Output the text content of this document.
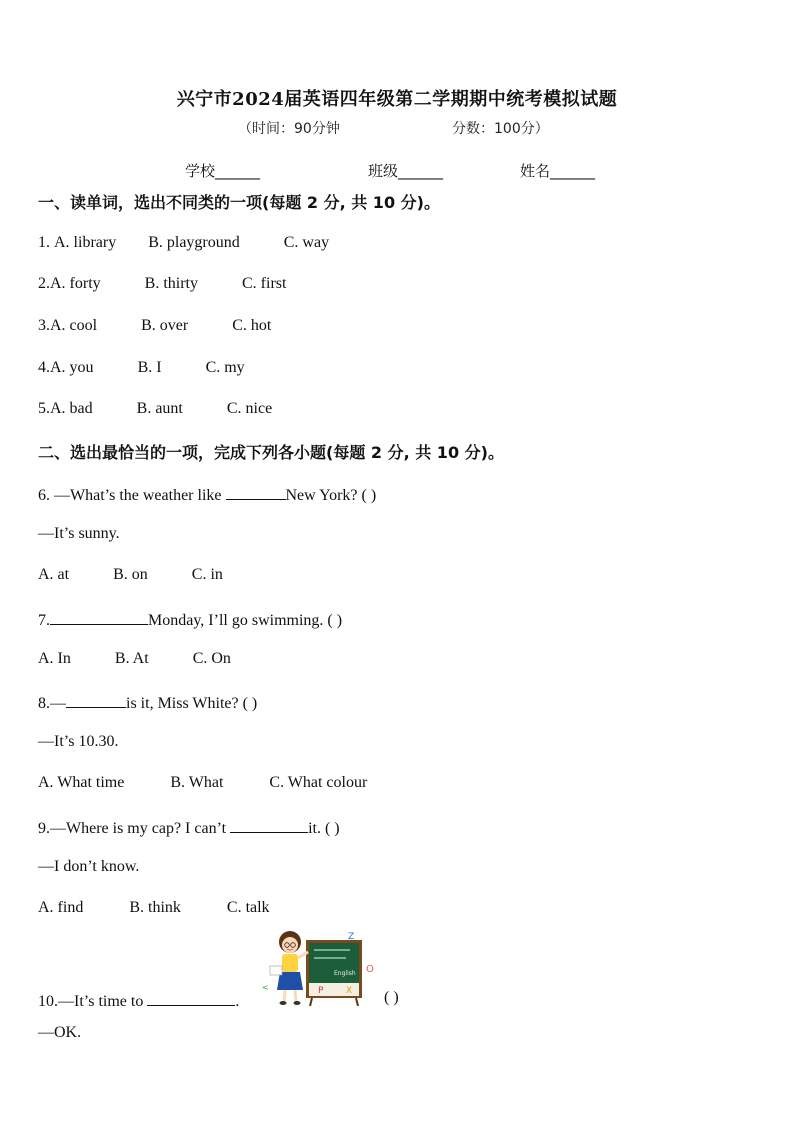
兴宁市2024届英语四年级第二学期期中统考模拟试题
（时间：90分钟	分数：100分）
学校______	班级______	姓名______
一、读单词，选出不同类的一项(每题 2 分, 共 10 分)。
1. A. library B. playground	C. way
2.A. forty	B. thirty	C. first
3.A. cool	B. over	C. hot
4.A. you	B. I	C. my
5.A. bad	B. aunt	C. nice
二、选出最恰当的一项，完成下列各小题(每题 2 分, 共 10 分)。
6. —What’s the weather like	New York? ( )
—It’s sunny.
A. at	B. on	C. in
7.	Monday, I’ll go swimming. ( )
A. In	B. At	C. On
8.—	is it, Miss White? ( )
—It’s 10.30.
A. What time	B. What	C. What colour
9.—Where is my cap? I can’t	it. ( )
—I don’t know.
A. find	B. think	C. talk
English
P	X
Z
O
<
10.—It’s time to	.	( )
—OK.
